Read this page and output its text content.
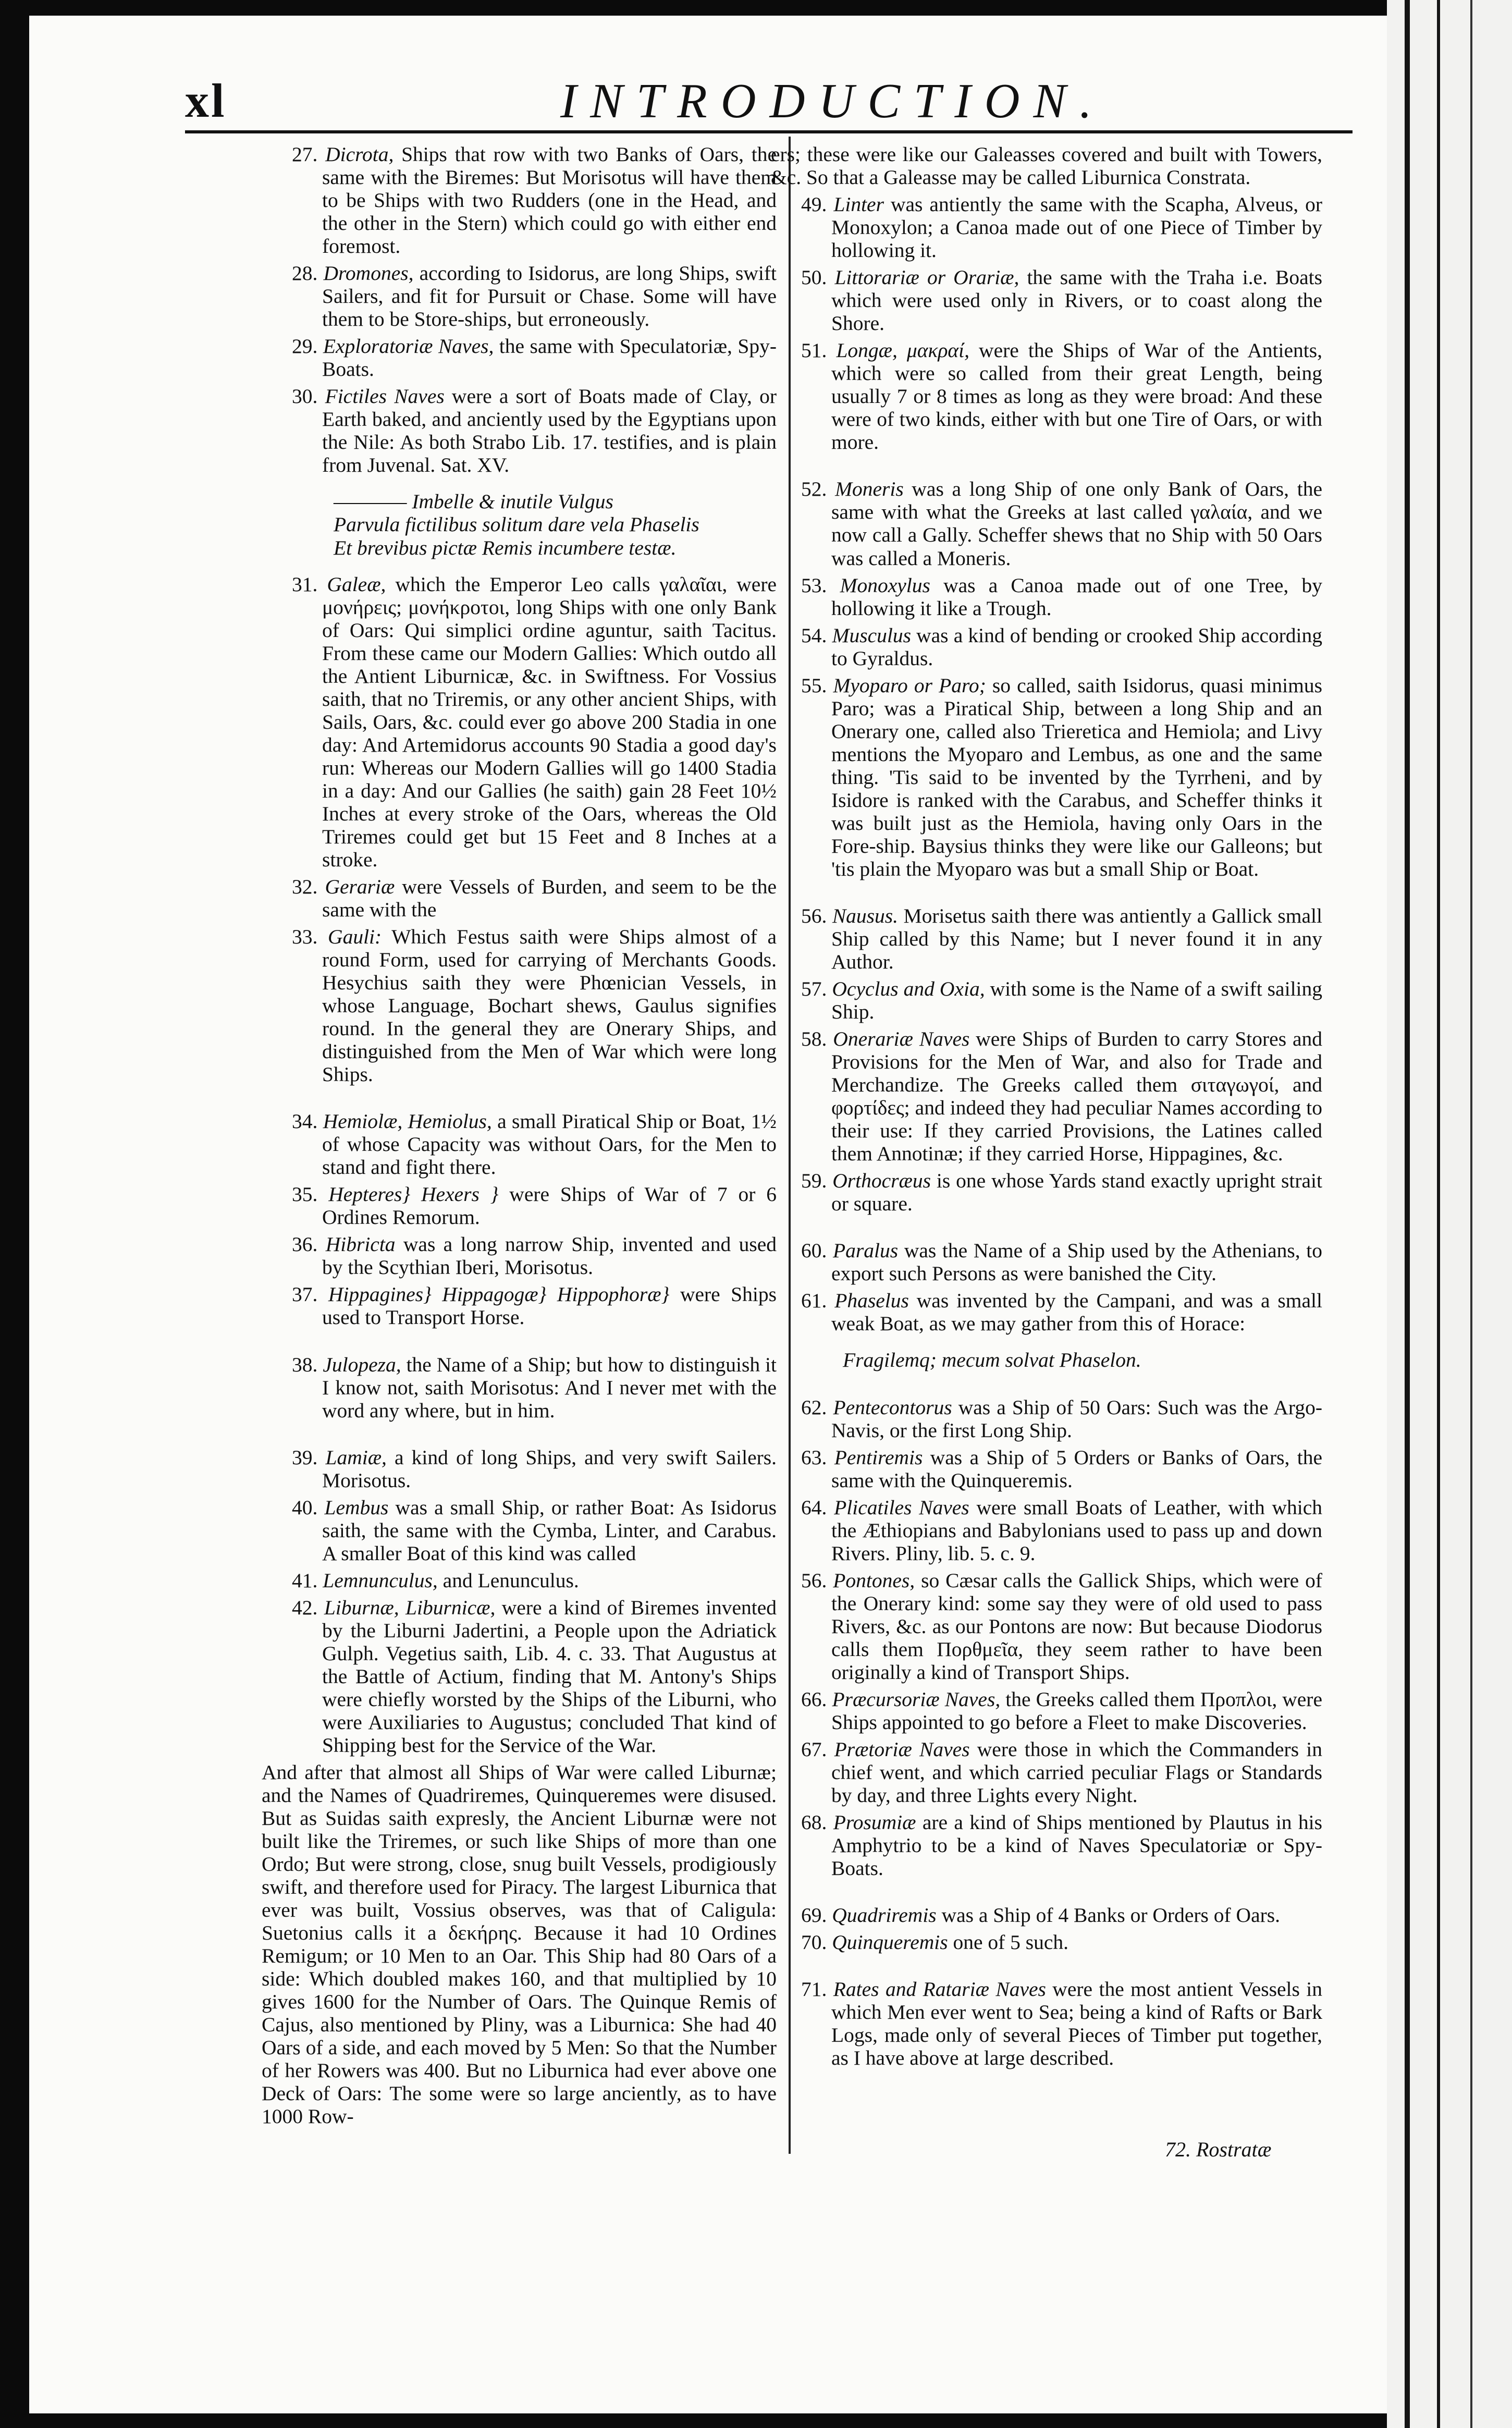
xl	INTRODUCTION.
27. Dicrota, Ships that row with two Banks of Oars, the same with the Biremes: But Morisotus will have them to be Ships with two Rudders (one in the Head, and the other in the Stern) which could go with either end foremost.
28. Dromones, according to Isidorus, are long Ships, swift Sailers, and fit for Pursuit or Chase. Some will have them to be Store-ships, but erroneously.
29. Exploratoriæ Naves, the same with Speculatoriæ, Spy-Boats.
30. Fictiles Naves were a sort of Boats made of Clay, or Earth baked, and anciently used by the Egyptians upon the Nile: As both Strabo Lib. 17. testifies, and is plain from Juvenal. Sat. XV.
———— Imbelle & inutile Vulgus
Parvula fictilibus solitum dare vela Phaselis
Et brevibus pictæ Remis incumbere testæ.
31. Galeæ, which the Emperor Leo calls γαλαῖαι, were μονήρεις; μονήκροτοι, long Ships with one only Bank of Oars: Qui simplici ordine aguntur, saith Tacitus. From these came our Modern Gallies: Which outdo all the Antient Liburnicæ, &c. in Swiftness. For Vossius saith, that no Triremis, or any other ancient Ships, with Sails, Oars, &c. could ever go above 200 Stadia in one day: And Artemidorus accounts 90 Stadia a good day's run: Whereas our Modern Gallies will go 1400 Stadia in a day: And our Gallies (he saith) gain 28 Feet 10½ Inches at every stroke of the Oars, whereas the Old Triremes could get but 15 Feet and 8 Inches at a stroke.
32. Gerariæ were Vessels of Burden, and seem to be the same with the
33. Gauli: Which Festus saith were Ships almost of a round Form, used for carrying of Merchants Goods. Hesychius saith they were Phœnician Vessels, in whose Language, Bochart shews, Gaulus signifies round. In the general they are Onerary Ships, and distinguished from the Men of War which were long Ships.
34. Hemiolæ, Hemiolus, a small Piratical Ship or Boat, 1½ of whose Capacity was without Oars, for the Men to stand and fight there.
35. Hepteres} Hexers } were Ships of War of 7 or 6 Ordines Remorum.
36. Hibricta was a long narrow Ship, invented and used by the Scythian Iberi, Morisotus.
37. Hippagines} Hippagogæ} Hippophoræ} were Ships used to Transport Horse.
38. Julopeza, the Name of a Ship; but how to distinguish it I know not, saith Morisotus: And I never met with the word any where, but in him.
39. Lamiæ, a kind of long Ships, and very swift Sailers. Morisotus.
40. Lembus was a small Ship, or rather Boat: As Isidorus saith, the same with the Cymba, Linter, and Carabus. A smaller Boat of this kind was called
41. Lemnunculus, and Lenunculus.
42. Liburnæ, Liburnicæ, were a kind of Biremes invented by the Liburni Jadertini, a People upon the Adriatick Gulph. Vegetius saith, Lib. 4. c. 33. That Augustus at the Battle of Actium, finding that M. Antony's Ships were chiefly worsted by the Ships of the Liburni, who were Auxiliaries to Augustus; concluded That kind of Shipping best for the Service of the War.
And after that almost all Ships of War were called Liburnæ; and the Names of Quadriremes, Quinqueremes were disused. But as Suidas saith expresly, the Ancient Liburnæ were not built like the Triremes, or such like Ships of more than one Ordo; But were strong, close, snug built Vessels, prodigiously swift, and therefore used for Piracy. The largest Liburnica that ever was built, Vossius observes, was that of Caligula: Suetonius calls it a δεκήρης. Because it had 10 Ordines Remigum; or 10 Men to an Oar. This Ship had 80 Oars of a side: Which doubled makes 160, and that multiplied by 10 gives 1600 for the Number of Oars. The Quinque Remis of Cajus, also mentioned by Pliny, was a Liburnica: She had 40 Oars of a side, and each moved by 5 Men: So that the Number of her Rowers was 400. But no Liburnica had ever above one Deck of Oars: The some were so large anciently, as to have 1000 Row-
ers; these were like our Galeasses covered and built with Towers, &c. So that a Galeasse may be called Liburnica Constrata.
49. Linter was antiently the same with the Scapha, Alveus, or Monoxylon; a Canoa made out of one Piece of Timber by hollowing it.
50. Littorariæ or Orariæ, the same with the Traha i.e. Boats which were used only in Rivers, or to coast along the Shore.
51. Longæ, μακραί, were the Ships of War of the Antients, which were so called from their great Length, being usually 7 or 8 times as long as they were broad: And these were of two kinds, either with but one Tire of Oars, or with more.
52. Moneris was a long Ship of one only Bank of Oars, the same with what the Greeks at last called γαλαία, and we now call a Gally. Scheffer shews that no Ship with 50 Oars was called a Moneris.
53. Monoxylus was a Canoa made out of one Tree, by hollowing it like a Trough.
54. Musculus was a kind of bending or crooked Ship according to Gyraldus.
55. Myoparo or Paro; so called, saith Isidorus, quasi minimus Paro; was a Piratical Ship, between a long Ship and an Onerary one, called also Trieretica and Hemiola; and Livy mentions the Myoparo and Lembus, as one and the same thing. 'Tis said to be invented by the Tyrrheni, and by Isidore is ranked with the Carabus, and Scheffer thinks it was built just as the Hemiola, having only Oars in the Fore-ship. Baysius thinks they were like our Galleons; but 'tis plain the Myoparo was but a small Ship or Boat.
56. Nausus. Morisetus saith there was antiently a Gallick small Ship called by this Name; but I never found it in any Author.
57. Ocyclus and Oxia, with some is the Name of a swift sailing Ship.
58. Onerariæ Naves were Ships of Burden to carry Stores and Provisions for the Men of War, and also for Trade and Merchandize. The Greeks called them σιταγωγοί, and φορτίδες; and indeed they had peculiar Names according to their use: If they carried Provisions, the Latines called them Annotinæ; if they carried Horse, Hippagines, &c.
59. Orthocræus is one whose Yards stand exactly upright strait or square.
60. Paralus was the Name of a Ship used by the Athenians, to export such Persons as were banished the City.
61. Phaselus was invented by the Campani, and was a small weak Boat, as we may gather from this of Horace:
Fragilemq; mecum solvat Phaselon.
62. Pentecontorus was a Ship of 50 Oars: Such was the Argo-Navis, or the first Long Ship.
63. Pentiremis was a Ship of 5 Orders or Banks of Oars, the same with the Quinqueremis.
64. Plicatiles Naves were small Boats of Leather, with which the Æthiopians and Babylonians used to pass up and down Rivers. Pliny, lib. 5. c. 9.
56. Pontones, so Cæsar calls the Gallick Ships, which were of the Onerary kind: some say they were of old used to pass Rivers, &c. as our Pontons are now: But because Diodorus calls them Πορθμεῖα, they seem rather to have been originally a kind of Transport Ships.
66. Præcursoriæ Naves, the Greeks called them Προπλοι, were Ships appointed to go before a Fleet to make Discoveries.
67. Prætoriæ Naves were those in which the Commanders in chief went, and which carried peculiar Flags or Standards by day, and three Lights every Night.
68. Prosumiæ are a kind of Ships mentioned by Plautus in his Amphytrio to be a kind of Naves Speculatoriæ or Spy-Boats.
69. Quadriremis was a Ship of 4 Banks or Orders of Oars.
70. Quinqueremis one of 5 such.
71. Rates and Ratariæ Naves were the most antient Vessels in which Men ever went to Sea; being a kind of Rafts or Bark Logs, made only of several Pieces of Timber put together, as I have above at large described.
72. Rostratæ
